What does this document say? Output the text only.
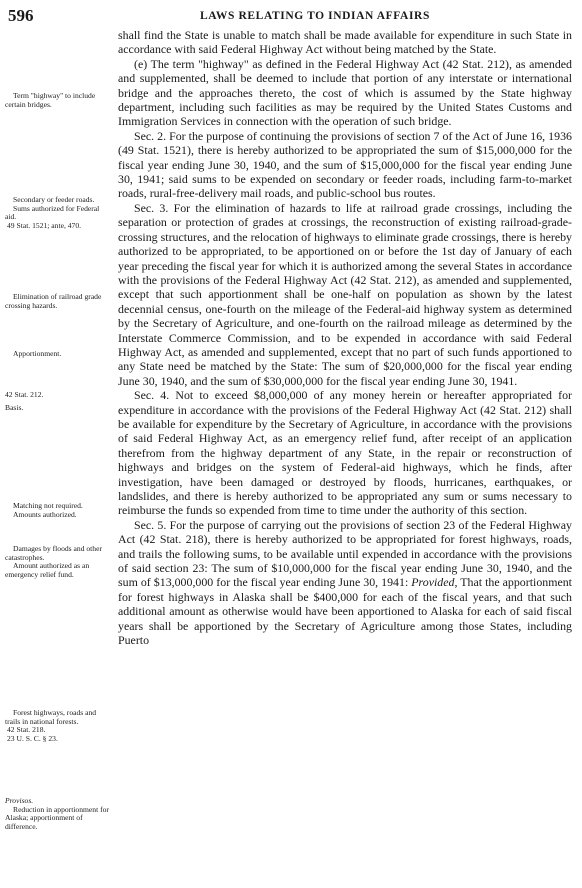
596	LAWS RELATING TO INDIAN AFFAIRS

shall find the State is unable to match shall be made available for expenditure in such State in accordance with said Federal Highway Act without being matched by the State.

(e) The term "highway" as defined in the Federal Highway Act (42 Stat. 212), as amended and supplemented, shall be deemed to include that portion of any interstate or international bridge and the approaches thereto, the cost of which is assumed by the State highway department, including such facilities as may be required by the United States Customs and Immigration Services in connection with the operation of such bridge.

Sec. 2. For the purpose of continuing the provisions of section 7 of the Act of June 16, 1936 (49 Stat. 1521), there is hereby authorized to be appropriated the sum of $15,000,000 for the fiscal year ending June 30, 1940, and the sum of $15,000,000 for the fiscal year ending June 30, 1941; said sums to be expended on secondary or feeder roads, including farm-to-market roads, rural-free-delivery mail roads, and public-school bus routes.

Sec. 3. For the elimination of hazards to life at railroad grade crossings, including the separation or protection of grades at crossings, the reconstruction of existing railroad-grade-crossing structures, and the relocation of highways to eliminate grade crossings, there is hereby authorized to be appropriated, to be apportioned on or before the 1st day of January of each year preceding the fiscal year for which it is authorized among the several States in accordance with the provisions of the Federal Highway Act (42 Stat. 212), as amended and supplemented, except that such apportionment shall be one-half on population as shown by the latest decennial census, one-fourth on the mileage of the Federal-aid highway system as determined by the Secretary of Agriculture, and one-fourth on the railroad mileage as determined by the Interstate Commerce Commission, and to be expended in accordance with said Federal Highway Act, as amended and supplemented, except that no part of such funds apportioned to any State need be matched by the State: The sum of $20,000,000 for the fiscal year ending June 30, 1940, and the sum of $30,000,000 for the fiscal year ending June 30, 1941.

Sec. 4. Not to exceed $8,000,000 of any money herein or hereafter appropriated for expenditure in accordance with the provisions of the Federal Highway Act (42 Stat. 212) shall be available for expenditure by the Secretary of Agriculture, in accordance with the provisions of said Federal Highway Act, as an emergency relief fund, after receipt of an application therefrom from the highway department of any State, in the repair or reconstruction of highways and bridges on the system of Federal-aid highways, which he finds, after investigation, have been damaged or destroyed by floods, hurricanes, earthquakes, or landslides, and there is hereby authorized to be appropriated any sum or sums necessary to reimburse the funds so expended from time to time under the authority of this section.

Sec. 5. For the purpose of carrying out the provisions of section 23 of the Federal Highway Act (42 Stat. 218), there is hereby authorized to be appropriated for forest highways, roads, and trails the following sums, to be available until expended in accordance with the provisions of said section 23: The sum of $10,000,000 for the fiscal year ending June 30, 1940, and the sum of $13,000,000 for the fiscal year ending June 30, 1941: Provided, That the apportionment for forest highways in Alaska shall be $400,000 for each of the fiscal years, and that such additional amount as otherwise would have been apportioned to Alaska for each of said fiscal years shall be apportioned by the Secretary of Agriculture among those States, including Puerto

Term "highway" to include certain bridges.

Secondary or feeder roads.

Sums authorized for Federal aid.

49 Stat. 1521; ante, 470.

Elimination of railroad grade crossing hazards.

Apportionment.

42 Stat. 212.

Basis.

Matching not required.

Amounts authorized.

Damages by floods and other catastrophes.

Amount authorized as an emergency relief fund.

Forest highways, roads and trails in national forests.

42 Stat. 218.

23 U. S. C. § 23.

Provisos.

Reduction in apportionment for Alaska; apportionment of difference.
